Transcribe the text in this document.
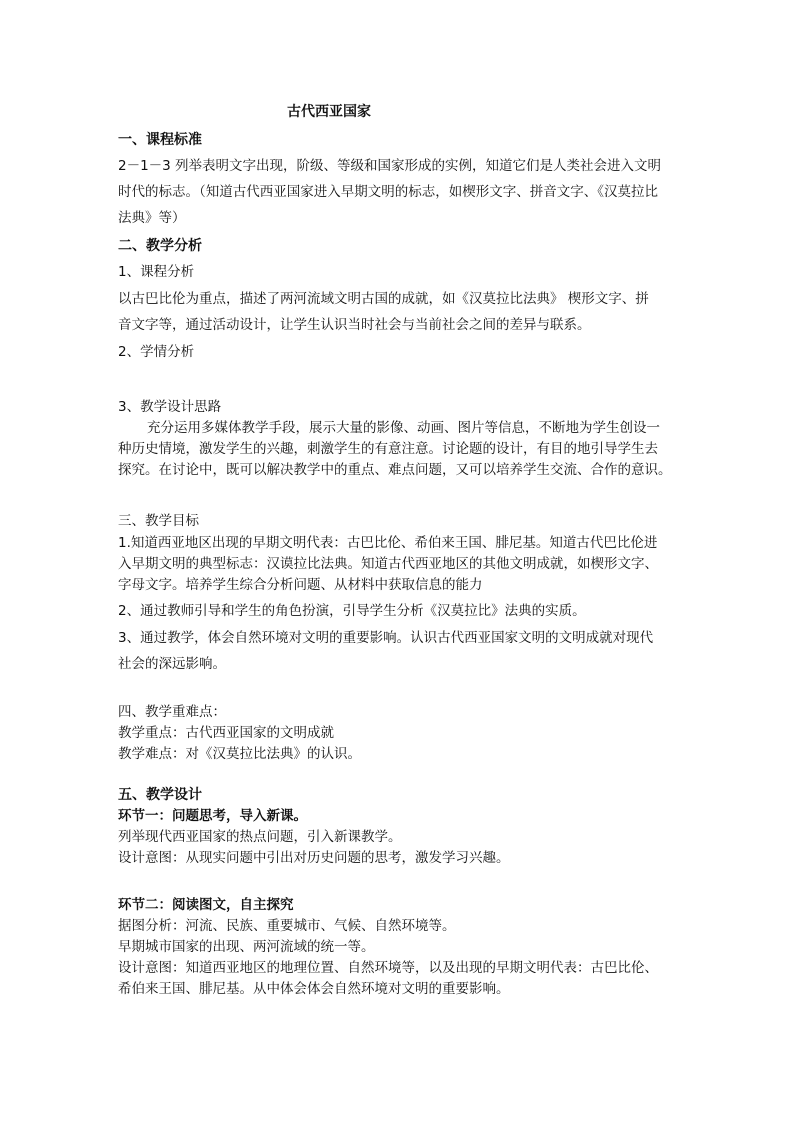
古代西亚国家
一、课程标准
2－1－3 列举表明文字出现，阶级、等级和国家形成的实例，知道它们是人类社会进入文明
时代的标志。（知道古代西亚国家进入早期文明的标志，如楔形文字、拼音文字、《汉莫拉比
法典》等）
二、教学分析
1、课程分析
以古巴比伦为重点，描述了两河流域文明古国的成就，如《汉莫拉比法典》 楔形文字、拼
音文字等，通过活动设计，让学生认识当时社会与当前社会之间的差异与联系。
2、学情分析
3、教学设计思路
充分运用多媒体教学手段，展示大量的影像、动画、图片等信息，不断地为学生创设一
种历史情境，激发学生的兴趣，刺激学生的有意注意。讨论题的设计，有目的地引导学生去
探究。在讨论中，既可以解决教学中的重点、难点问题，又可以培养学生交流、合作的意识。
三、教学目标
1.知道西亚地区出现的早期文明代表：古巴比伦、希伯来王国、腓尼基。知道古代巴比伦进
入早期文明的典型标志：汉谟拉比法典。知道古代西亚地区的其他文明成就，如楔形文字、
字母文字。培养学生综合分析问题、从材料中获取信息的能力
2、通过教师引导和学生的角色扮演，引导学生分析《汉莫拉比》法典的实质。
3、通过教学，体会自然环境对文明的重要影响。认识古代西亚国家文明的文明成就对现代
社会的深远影响。
四、教学重难点：
教学重点：古代西亚国家的文明成就
教学难点：对《汉莫拉比法典》的认识。
五、教学设计
环节一：问题思考，导入新课。
列举现代西亚国家的热点问题，引入新课教学。
设计意图：从现实问题中引出对历史问题的思考，激发学习兴趣。
环节二：阅读图文，自主探究
据图分析：河流、民族、重要城市、气候、自然环境等。
早期城市国家的出现、两河流域的统一等。
设计意图：知道西亚地区的地理位置、自然环境等，以及出现的早期文明代表：古巴比伦、
希伯来王国、腓尼基。从中体会体会自然环境对文明的重要影响。
